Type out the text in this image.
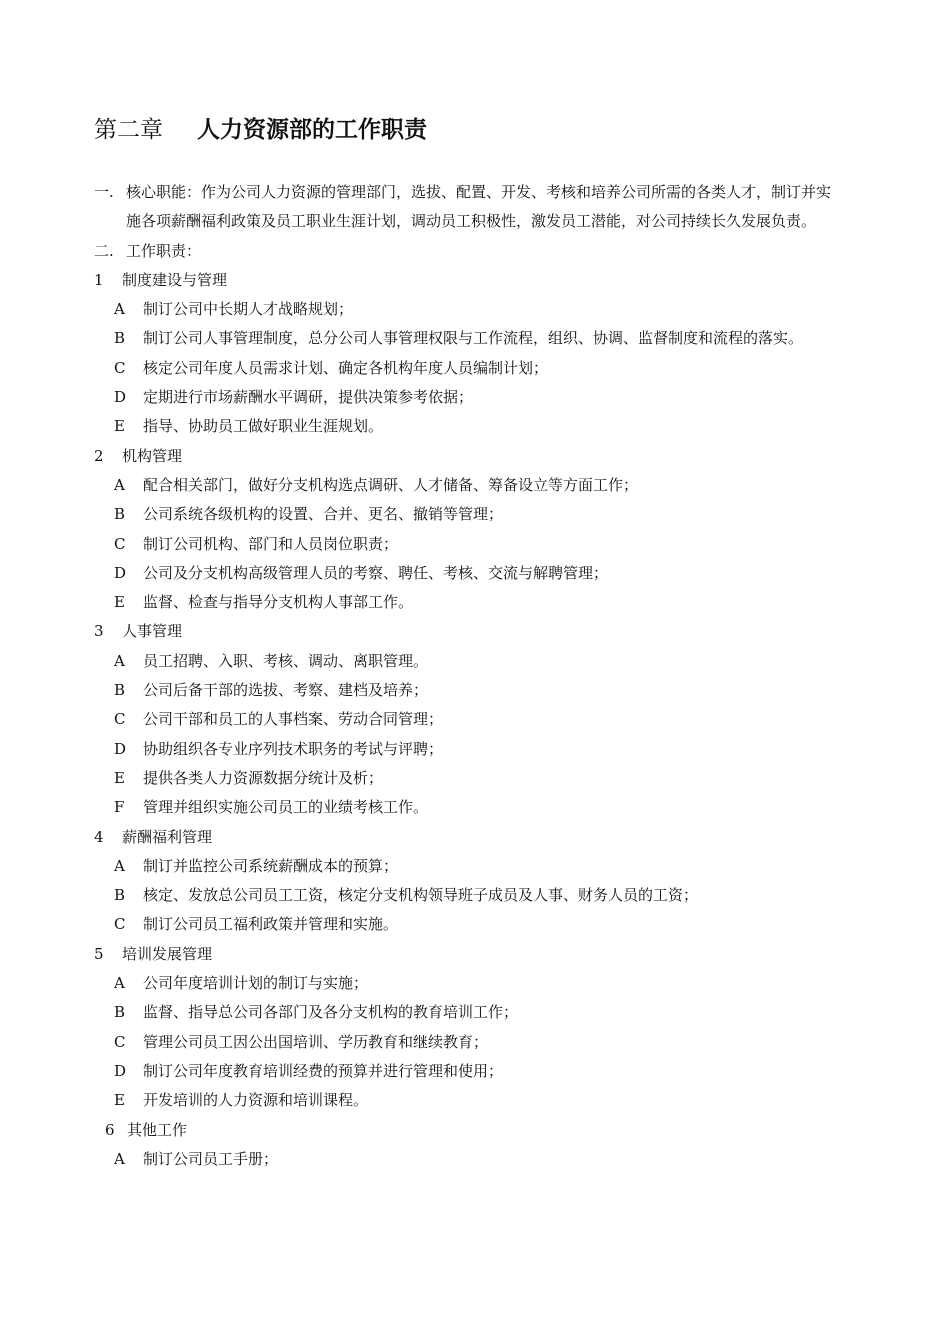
第二章 人力资源部的工作职责
一. 核心职能：作为公司人力资源的管理部门，选拔、配置、开发、考核和培养公司所需的各类人才，制订并实施各项薪酬福利政策及员工职业生涯计划，调动员工积极性，激发员工潜能，对公司持续长久发展负责。
二. 工作职责：
1	制度建设与管理
A	制订公司中长期人才战略规划；
B	制订公司人事管理制度，总分公司人事管理权限与工作流程，组织、协调、监督制度和流程的落实。
C	核定公司年度人员需求计划、确定各机构年度人员编制计划；
D	定期进行市场薪酬水平调研，提供决策参考依据；
E	指导、协助员工做好职业生涯规划。
2	机构管理
A	配合相关部门，做好分支机构选点调研、人才储备、筹备设立等方面工作；
B	公司系统各级机构的设置、合并、更名、撤销等管理；
C	制订公司机构、部门和人员岗位职责；
D	公司及分支机构高级管理人员的考察、聘任、考核、交流与解聘管理；
E	监督、检查与指导分支机构人事部工作。
3	人事管理
A	员工招聘、入职、考核、调动、离职管理。
B	公司后备干部的选拔、考察、建档及培养；
C	公司干部和员工的人事档案、劳动合同管理；
D	协助组织各专业序列技术职务的考试与评聘；
E	提供各类人力资源数据分统计及析；
F	管理并组织实施公司员工的业绩考核工作。
4	薪酬福利管理
A	制订并监控公司系统薪酬成本的预算；
B	核定、发放总公司员工工资，核定分支机构领导班子成员及人事、财务人员的工资；
C	制订公司员工福利政策并管理和实施。
5	培训发展管理
A	公司年度培训计划的制订与实施；
B	监督、指导总公司各部门及各分支机构的教育培训工作；
C	管理公司员工因公出国培训、学历教育和继续教育；
D	制订公司年度教育培训经费的预算并进行管理和使用；
E	开发培训的人力资源和培训课程。
6 其他工作
A	制订公司员工手册；
